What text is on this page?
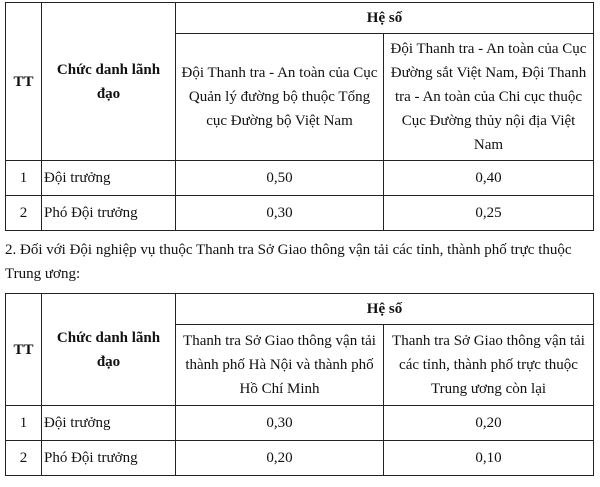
TT	Chức danh lãnh đạo	Hệ số	

		Đội Thanh tra - An toàn của Cục Quản lý đường bộ thuộc Tổng cục Đường bộ Việt Nam	Đội Thanh tra - An toàn của Cục Đường sắt Việt Nam, Đội Thanh tra - An toàn của Chi cục thuộc Cục Đường thủy nội địa Việt Nam

1	Đội trưởng	0,50	0,40
2	Phó Đội trưởng	0,30	0,25
2. Đối với Đội nghiệp vụ thuộc Thanh tra Sở Giao thông vận tải các tỉnh, thành phố trực thuộc Trung ương:
TT	Chức danh lãnh đạo	Hệ số	

		Thanh tra Sở Giao thông vận tải thành phố Hà Nội và thành phố Hồ Chí Minh	Thanh tra Sở Giao thông vận tải các tỉnh, thành phố trực thuộc Trung ương còn lại

1	Đội trưởng	0,30	0,20
2	Phó Đội trưởng	0,20	0,10
